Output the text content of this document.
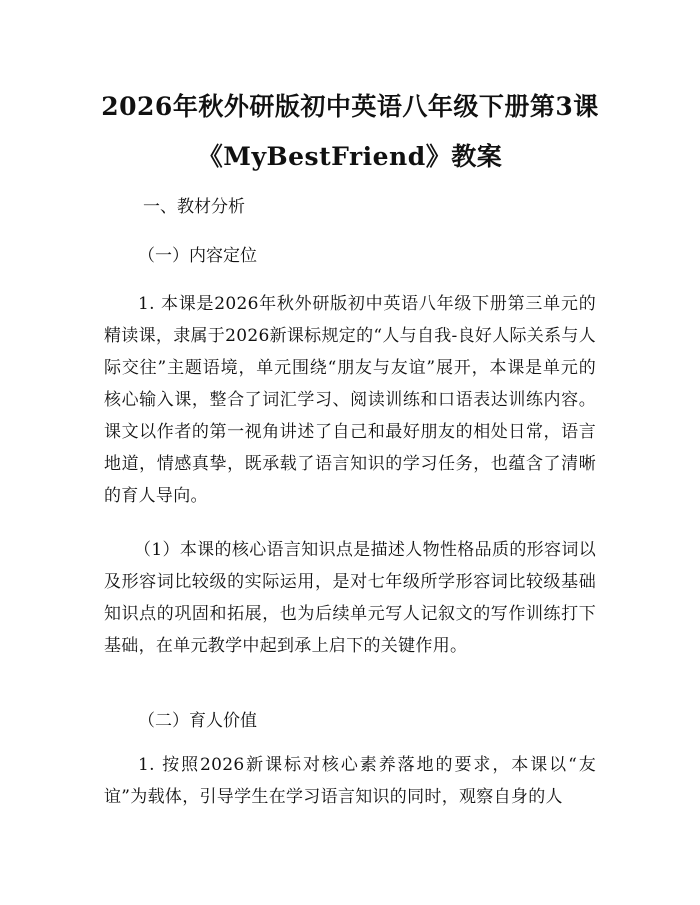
2026年秋外研版初中英语八年级下册第3课
《MyBestFriend》教案
一、教材分析
（一）内容定位
1. 本课是2026年秋外研版初中英语八年级下册第三单元的精读课，隶属于2026新课标规定的“人与自我-良好人际关系与人际交往”主题语境，单元围绕“朋友与友谊”展开，本课是单元的核心输入课，整合了词汇学习、阅读训练和口语表达训练内容。课文以作者的第一视角讲述了自己和最好朋友的相处日常，语言地道，情感真挚，既承载了语言知识的学习任务，也蕴含了清晰的育人导向。
（1）本课的核心语言知识点是描述人物性格品质的形容词以及形容词比较级的实际运用，是对七年级所学形容词比较级基础知识点的巩固和拓展，也为后续单元写人记叙文的写作训练打下基础，在单元教学中起到承上启下的关键作用。
（二）育人价值
1. 按照2026新课标对核心素养落地的要求，本课以“友谊”为载体，引导学生在学习语言知识的同时，观察自身的人
